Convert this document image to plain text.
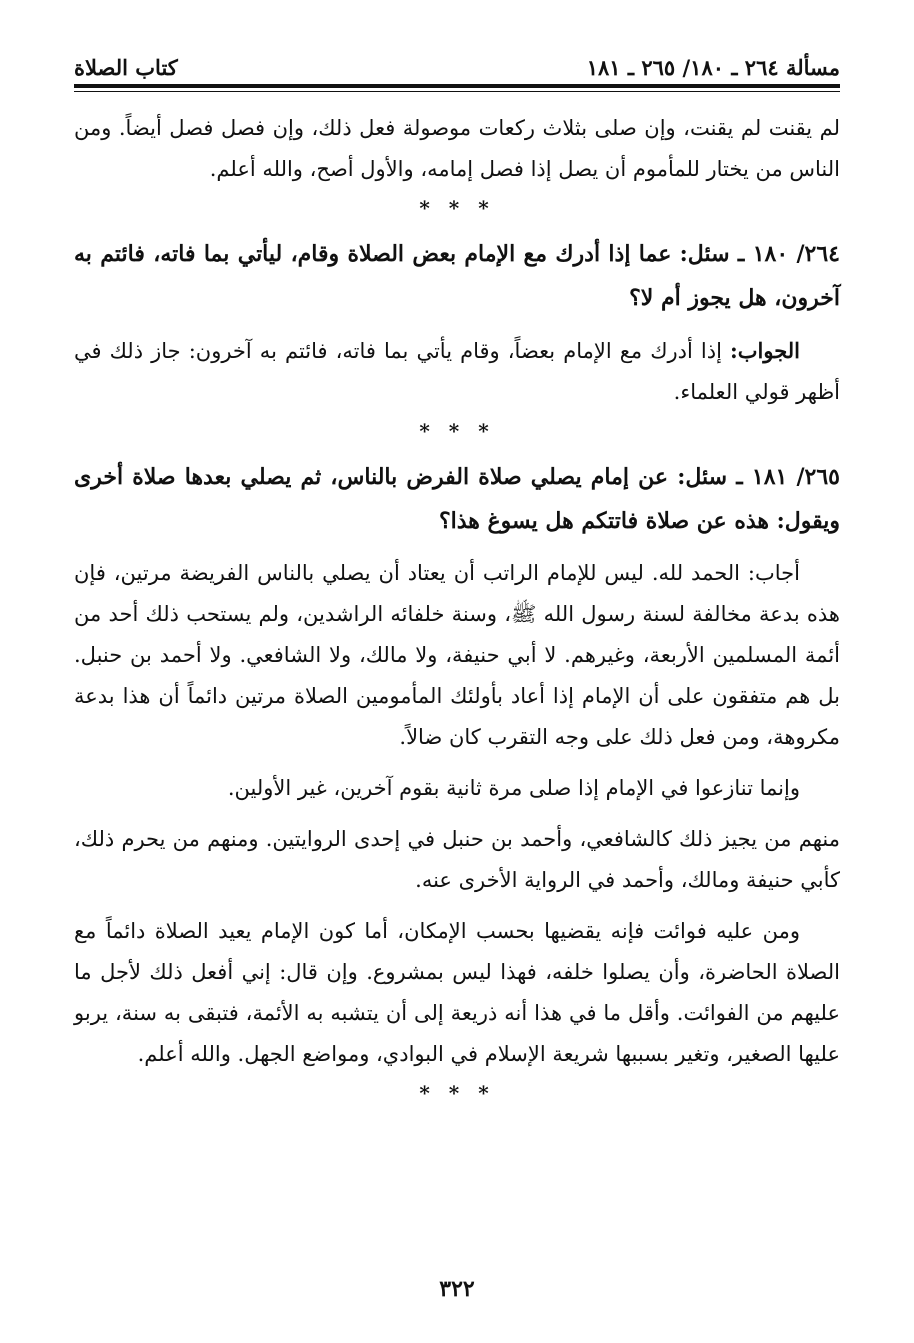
مسألة ٢٦٤ ـ ١٨٠/ ٢٦٥ ـ ١٨١
كتاب الصلاة

لم يقنت لم يقنت، وإن صلى بثلاث ركعات موصولة فعل ذلك، وإن فصل فصل أيضاً. ومن الناس من يختار للمأموم أن يصل إذا فصل إمامه، والأول أصح، والله أعلم.

* * *

٢٦٤/ ١٨٠ ـ سئل: عما إذا أدرك مع الإمام بعض الصلاة وقام، ليأتي بما فاته، فائتم به آخرون، هل يجوز أم لا؟

الجواب: إذا أدرك مع الإمام بعضاً، وقام يأتي بما فاته، فائتم به آخرون: جاز ذلك في أظهر قولي العلماء.

* * *

٢٦٥/ ١٨١ ـ سئل: عن إمام يصلي صلاة الفرض بالناس، ثم يصلي بعدها صلاة أخرى ويقول: هذه عن صلاة فاتتكم هل يسوغ هذا؟

أجاب: الحمد لله. ليس للإمام الراتب أن يعتاد أن يصلي بالناس الفريضة مرتين، فإن هذه بدعة مخالفة لسنة رسول الله ﷺ، وسنة خلفائه الراشدين، ولم يستحب ذلك أحد من أئمة المسلمين الأربعة، وغيرهم. لا أبي حنيفة، ولا مالك، ولا الشافعي. ولا أحمد بن حنبل. بل هم متفقون على أن الإمام إذا أعاد بأولئك المأمومين الصلاة مرتين دائماً أن هذا بدعة مكروهة، ومن فعل ذلك على وجه التقرب كان ضالاً.

وإنما تنازعوا في الإمام إذا صلى مرة ثانية بقوم آخرين، غير الأولين.

منهم من يجيز ذلك كالشافعي، وأحمد بن حنبل في إحدى الروايتين. ومنهم من يحرم ذلك، كأبي حنيفة ومالك، وأحمد في الرواية الأخرى عنه.

ومن عليه فوائت فإنه يقضيها بحسب الإمكان، أما كون الإمام يعيد الصلاة دائماً مع الصلاة الحاضرة، وأن يصلوا خلفه، فهذا ليس بمشروع. وإن قال: إني أفعل ذلك لأجل ما عليهم من الفوائت. وأقل ما في هذا أنه ذريعة إلى أن يتشبه به الأئمة، فتبقى به سنة، يربو عليها الصغير، وتغير بسببها شريعة الإسلام في البوادي، ومواضع الجهل. والله أعلم.

* * *
٣٢٢
